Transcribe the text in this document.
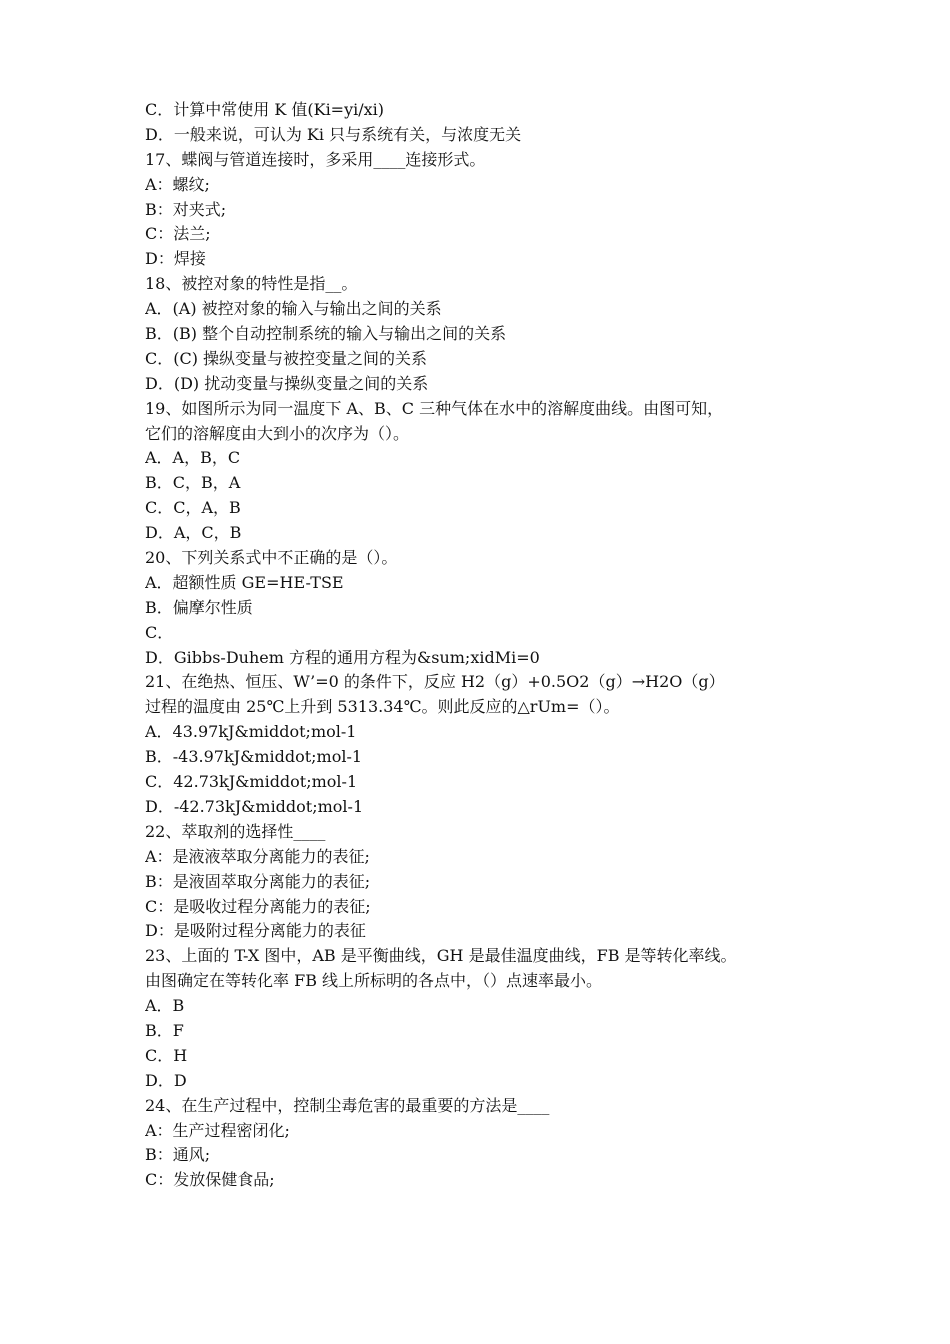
C．计算中常使用 K 值(Ki=yi/xi)
D．一般来说，可认为 Ki 只与系统有关，与浓度无关
17、蝶阀与管道连接时，多采用____连接形式。
A：螺纹;
B：对夹式;
C：法兰;
D：焊接
18、被控对象的特性是指__。
A．(A) 被控对象的输入与输出之间的关系
B．(B) 整个自动控制系统的输入与输出之间的关系
C．(C) 操纵变量与被控变量之间的关系
D．(D) 扰动变量与操纵变量之间的关系
19、如图所示为同一温度下 A、B、C 三种气体在水中的溶解度曲线。由图可知，
它们的溶解度由大到小的次序为（）。
A．A，B，C
B．C，B，A
C．C，A，B
D．A，C，B
20、下列关系式中不正确的是（）。
A．超额性质 GE=HE-TSE
B．偏摩尔性质
C．
D．Gibbs-Duhem 方程的通用方程为&sum;xidMi=0
21、在绝热、恒压、W’=0 的条件下，反应 H2（g）+0.5O2（g）→H2O（g）
过程的温度由 25℃上升到 5313.34℃。则此反应的△rUm=（）。
A．43.97kJ&middot;mol-1
B．-43.97kJ&middot;mol-1
C．42.73kJ&middot;mol-1
D．-42.73kJ&middot;mol-1
22、萃取剂的选择性____
A：是液液萃取分离能力的表征;
B：是液固萃取分离能力的表征;
C：是吸收过程分离能力的表征;
D：是吸附过程分离能力的表征
23、上面的 T-X 图中，AB 是平衡曲线，GH 是最佳温度曲线，FB 是等转化率线。
由图确定在等转化率 FB 线上所标明的各点中，（）点速率最小。
A．B
B．F
C．H
D．D
24、在生产过程中，控制尘毒危害的最重要的方法是____
A：生产过程密闭化;
B：通风;
C：发放保健食品;
